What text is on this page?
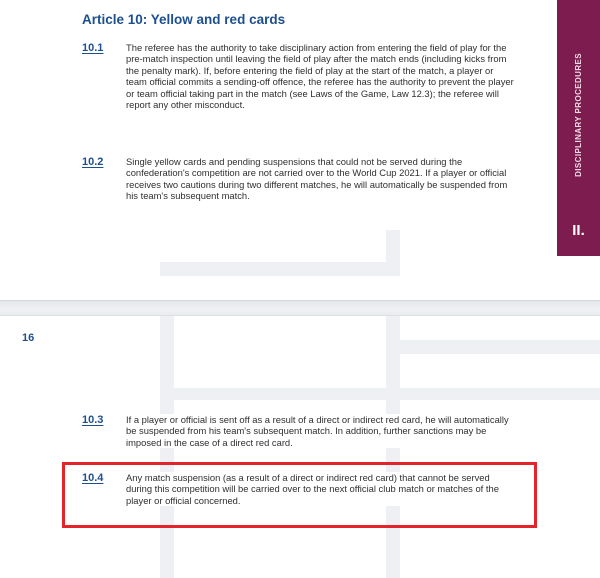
Article 10: Yellow and red cards
10.1	The referee has the authority to take disciplinary action from entering the field of play for the pre-match inspection until leaving the field of play after the match ends (including kicks from the penalty mark). If, before entering the field of play at the start of the match, a player or team official commits a sending-off offence, the referee has the authority to prevent the player or team official taking part in the match (see Laws of the Game, Law 12.3); the referee will report any other misconduct.
10.2	Single yellow cards and pending suspensions that could not be served during the confederation's competition are not carried over to the World Cup 2021. If a player or official receives two cautions during two different matches, he will automatically be suspended from his team's subsequent match.
DISCIPLINARY PROCEDURES
II.
16
10.3	If a player or official is sent off as a result of a direct or indirect red card, he will automatically be suspended from his team's subsequent match. In addition, further sanctions may be imposed in the case of a direct red card.
10.4	Any match suspension (as a result of a direct or indirect red card) that cannot be served during this competition will be carried over to the next official club match or matches of the player or official concerned.
